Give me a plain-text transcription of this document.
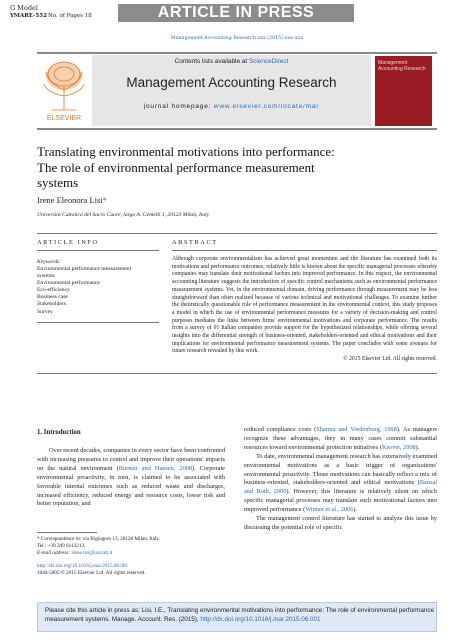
G Model
YMARE-552 No. of Pages 18	ARTICLE IN PRESS
Management Accounting Research xxx (2015) xxx–xxx
ELSEVIER
Contents lists available at ScienceDirect
Management Accounting Research
journal homepage: www.elsevier.com/locate/mar
Management Accounting Research
Translating environmental motivations into performance:
The role of environmental performance measurement
systems
Irene Eleonora Lisi*
Università Cattolica del Sacro Cuore, largo A. Gemelli 1, 20123 Milan, Italy
ARTICLE INFO	ABSTRACT
Keywords:
Environmental performance measurement
systems
Environmental performance
Eco-efficiency
Business case
Stakeholders
Survey
Although corporate environmentalism has achieved great momentum and the literature has examined both its motivations and performance outcomes, relatively little is known about the specific managerial processes whereby companies may translate their motivational factors into improved performance. In this respect, the environmental accounting literature suggests the introduction of specific control mechanisms such as environmental performance measurement systems. Yet, in the environmental domain, driving performance through measurement may be less straightforward than often realized because of various technical and motivational challenges. To examine further the theoretically questionable role of performance measurement in the environmental context, this study proposes a model in which the use of environmental performance measures for a variety of decision-making and control purposes mediates the links between firms' environmental motivations and corporate performance. The results from a survey of 91 Italian companies provide support for the hypothesized relationships, while offering several insights into the differential strength of business-oriented, stakeholders-oriented and ethical motivations and their implications for environmental performance measurement systems. The paper concludes with some avenues for future research revealed by this work.
© 2015 Elsevier Ltd. All rights reserved.
1. Introduction

Over recent decades, companies in every sector have been confronted with increasing pressures to control and improve their operations' impacts on the natural environment (Burnett and Hansen, 2008). Corporate environmental proactivity, in turn, is claimed to be associated with favorable internal outcomes such as reduced waste and discharges, increased efficiency, reduced energy and resource costs, lower risk and better reputation, and

reduced compliance costs (Sharma and Vredenburg, 1998). As managers recognize these advantages, they in many cases commit substantial resources toward environmental protection initiatives (Keever, 2008).

To date, environmental management research has extensively examined environmental motivations as a basic trigger of organizations' environmental proactivity. Those motivations can basically reflect a mix of business-oriented, stakeholders-oriented and ethical motivations (Bansal and Roth, 2000). However, this literature is relatively silent on which specific managerial processes may translate such motivational factors into improved performance (Winner et al., 2006).

The management control literature has started to analyze this issue by discussing the potential role of specific

* Correspondence to: via Bigiogero 13, 20128 Milan, Italy.
Tel.: +39 349 6113213.
E-mail address: irene.lisi@unicatt.it
http://dx.doi.org/10.1016/j.mar.2015.06.001
1044-5005/© 2015 Elsevier Ltd. All rights reserved.
Please cite this article in press as: Lisi, I.E., Translating environmental motivations into performance: The role of environmental performance measurement systems. Manage. Account. Res. (2015), http://dx.doi.org/10.1016/j.mar.2015.06.001
